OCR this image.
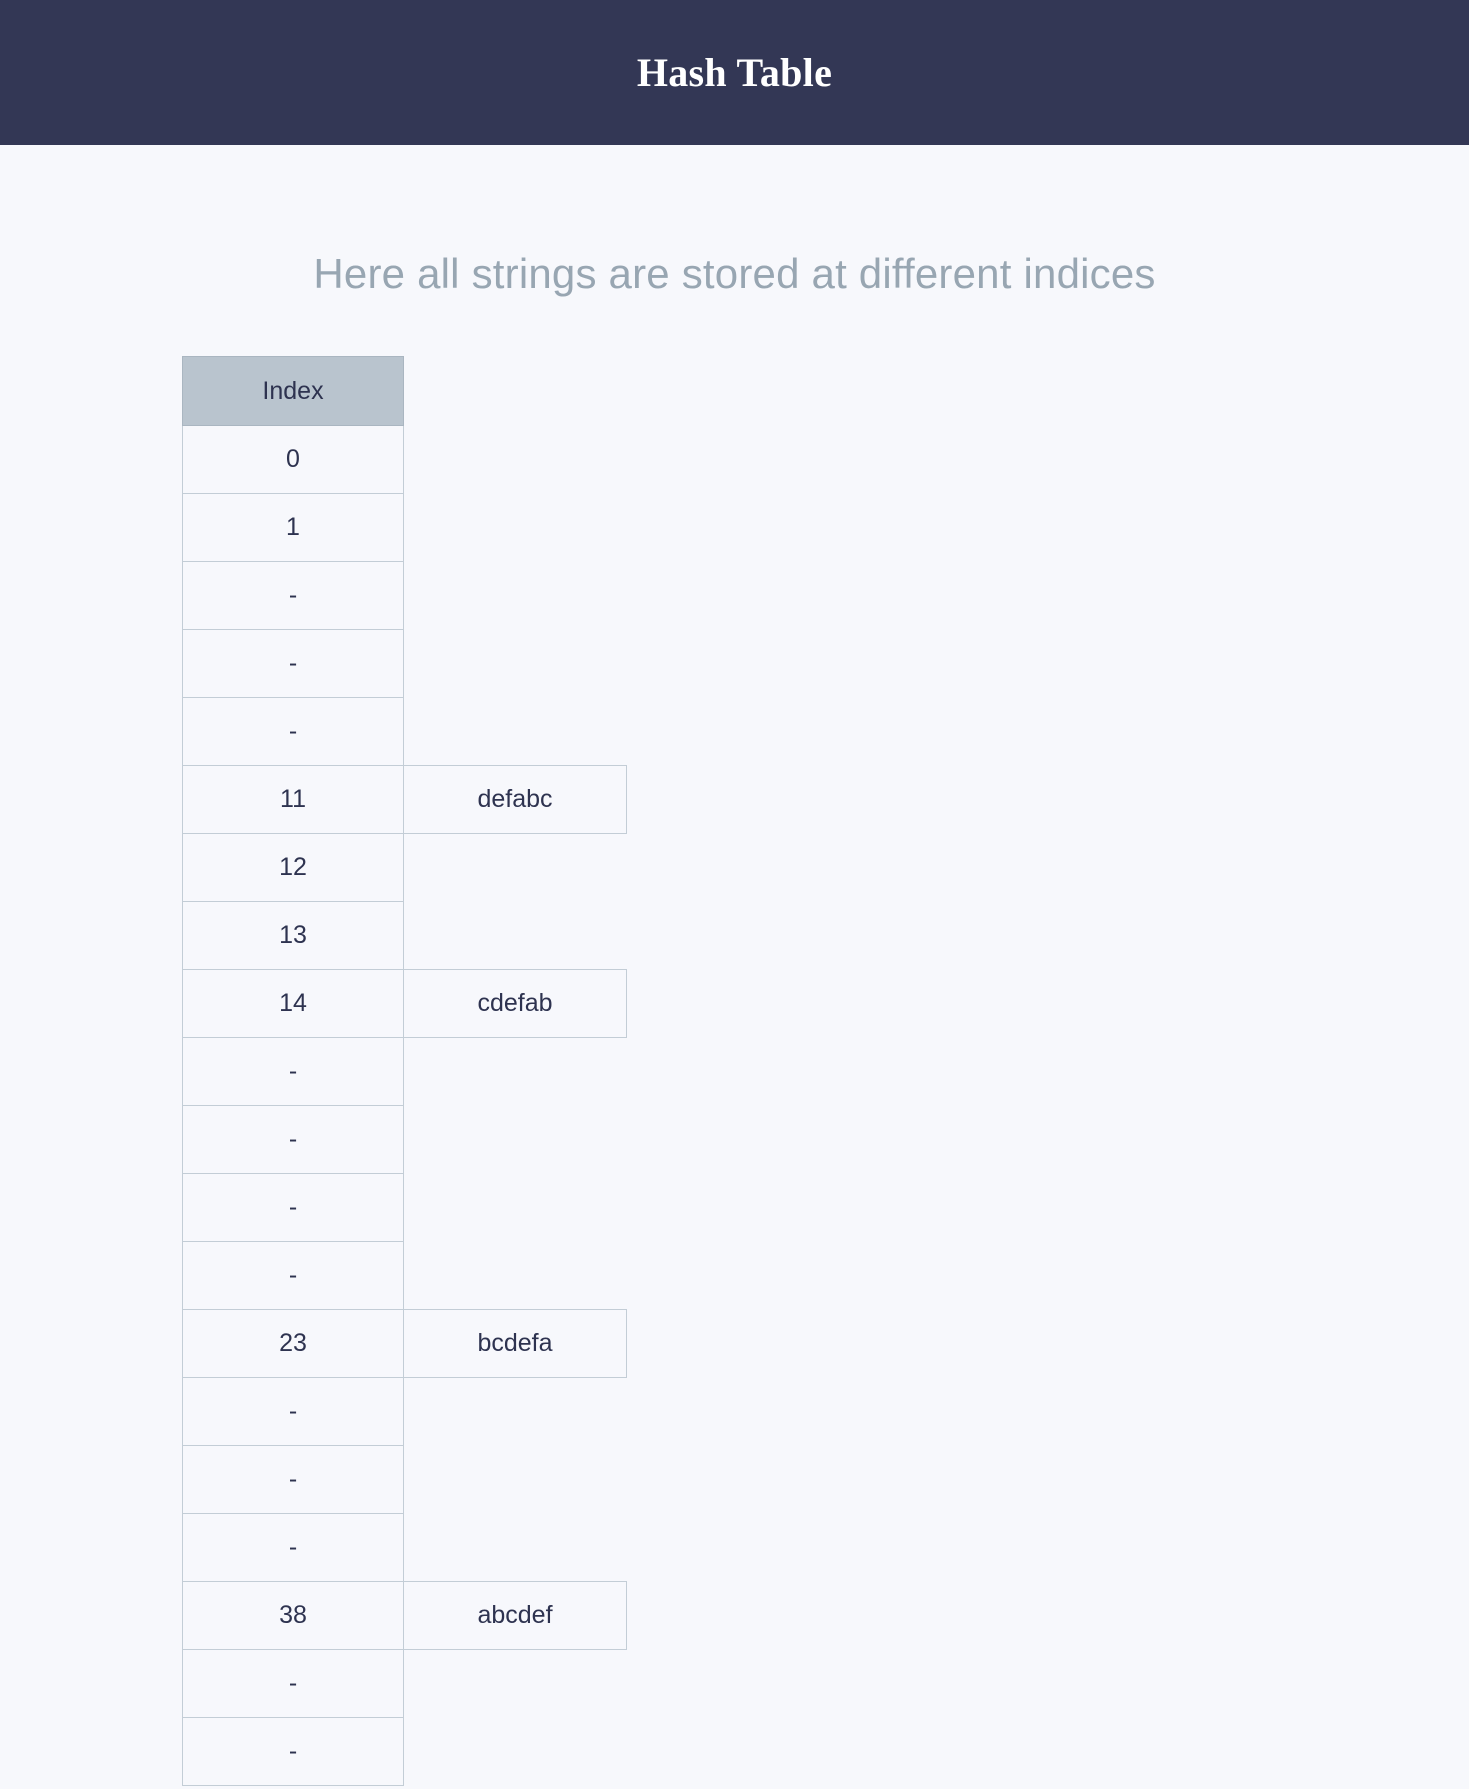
Hash Table
Here all strings are stored at different indices
Index	
0	
1	
-	
-	
-	
11	defabc
12	
13	
14	cdefab
-	
-	
-	
-	
23	bcdefa
-	
-	
-	
38	abcdef
-	
-	
